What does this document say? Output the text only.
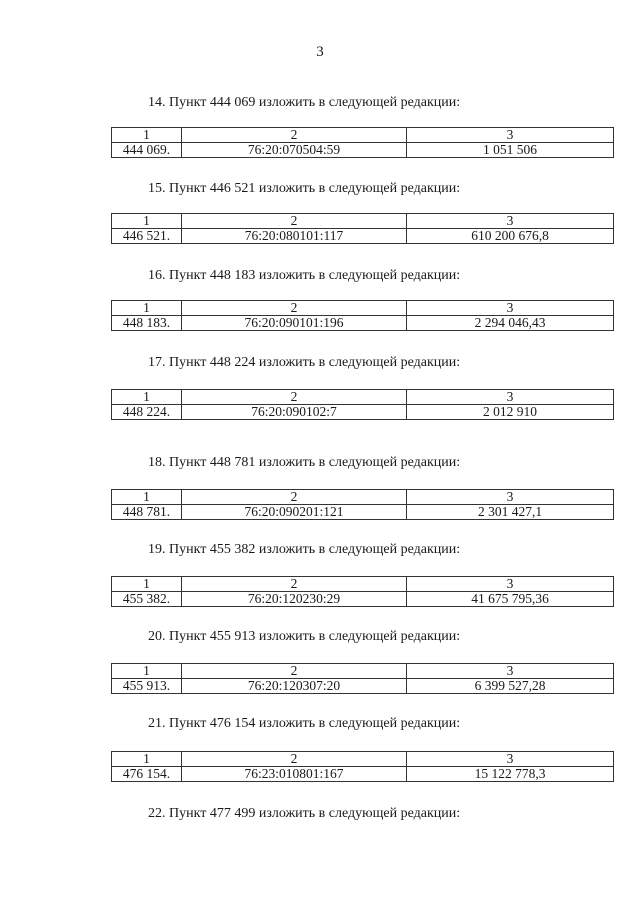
3
14. Пункт 444 069 изложить в следующей редакции:
1	2	3
444 069.	76:20:070504:59	1 051 506
15. Пункт 446 521 изложить в следующей редакции:
1	2	3
446 521.	76:20:080101:117	610 200 676,8
16. Пункт 448 183 изложить в следующей редакции:
1	2	3
448 183.	76:20:090101:196	2 294 046,43
17. Пункт 448 224 изложить в следующей редакции:
1	2	3
448 224.	76:20:090102:7	2 012 910
18. Пункт 448 781 изложить в следующей редакции:
1	2	3
448 781.	76:20:090201:121	2 301 427,1
19. Пункт 455 382 изложить в следующей редакции:
1	2	3
455 382.	76:20:120230:29	41 675 795,36
20. Пункт 455 913 изложить в следующей редакции:
1	2	3
455 913.	76:20:120307:20	6 399 527,28
21. Пункт 476 154 изложить в следующей редакции:
1	2	3
476 154.	76:23:010801:167	15 122 778,3
22. Пункт 477 499 изложить в следующей редакции:
